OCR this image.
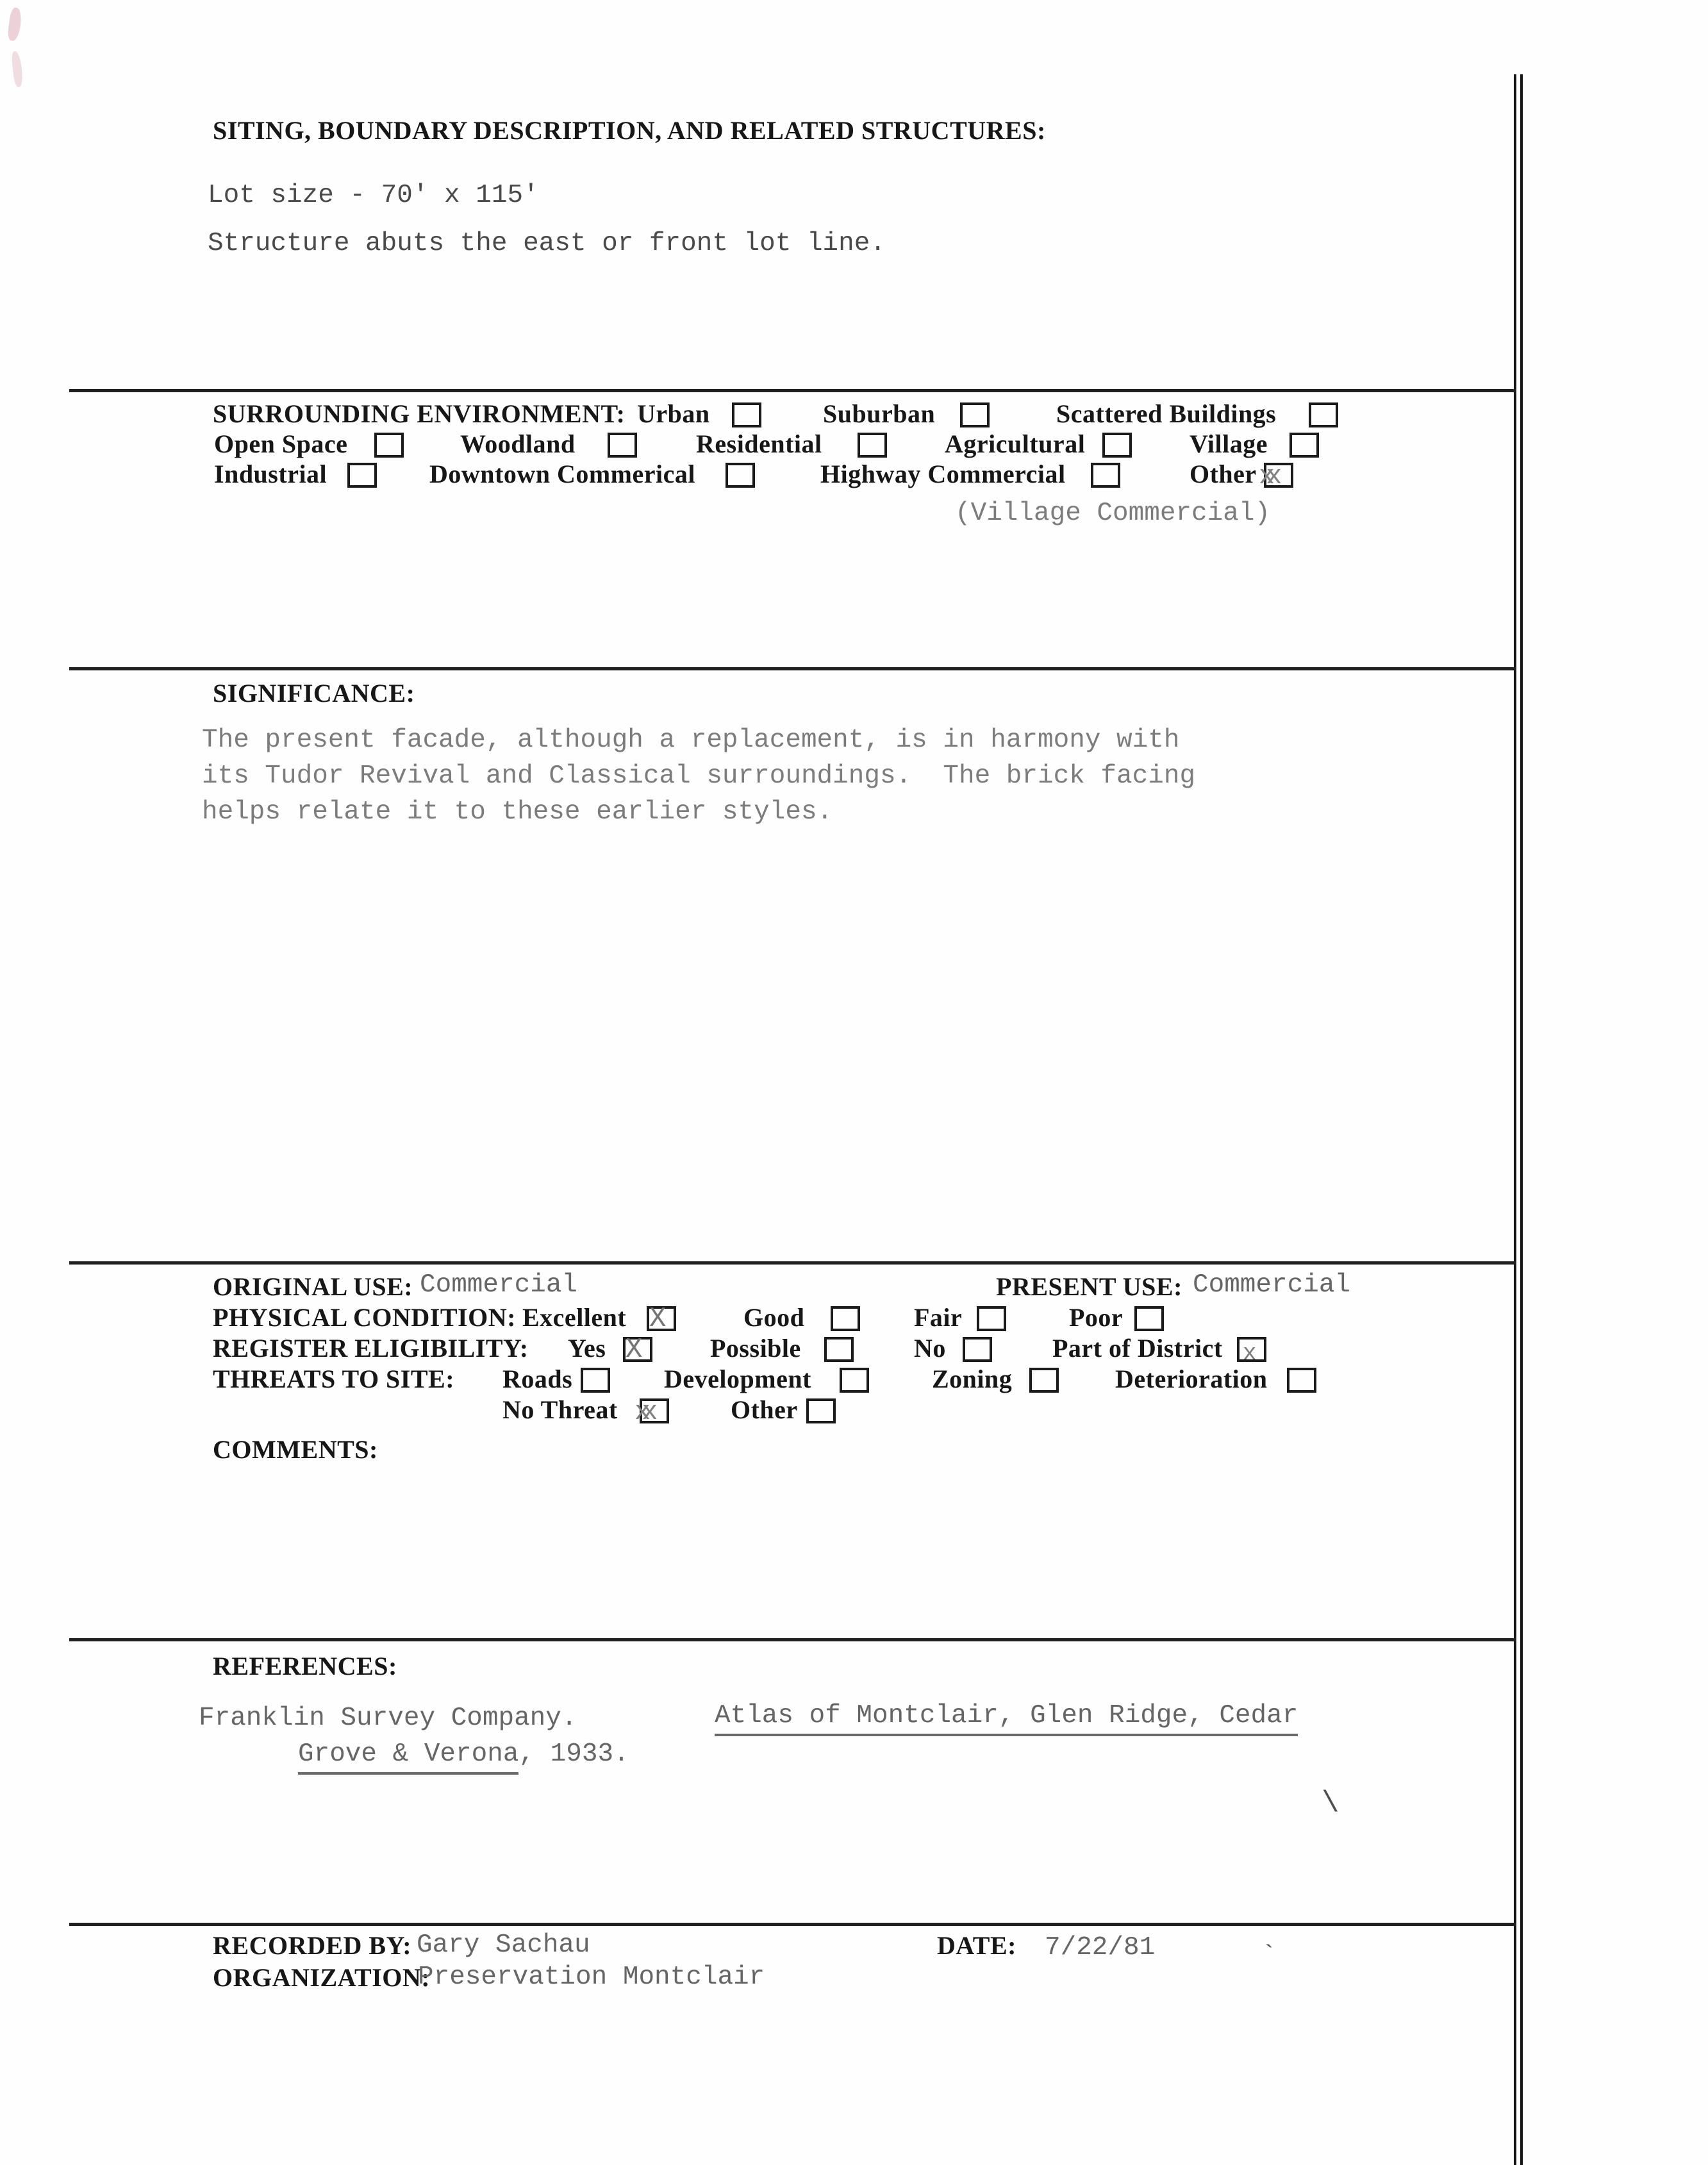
SITING, BOUNDARY DESCRIPTION, AND RELATED STRUCTURES:
Lot size - 70' x 115'
Structure abuts the east or front lot line.
SURROUNDING ENVIRONMENT: Urban	Suburban	Scattered Buildings
Open Space	Woodland	Residential	Agricultural	Village
Industrial	Downtown Commerical	Highway Commercial	Other xx
(Village Commercial)
SIGNIFICANCE:
The present facade, although a replacement, is in harmony with
its Tudor Revival and Classical surroundings.  The brick facing
helps relate it to these earlier styles.
ORIGINAL USE: Commercial	PRESENT USE: Commercial
PHYSICAL CONDITION: Excellent X	Good	Fair	Poor
REGISTER ELIGIBILITY: Yes X	Possible	No	Part of District x
THREATS TO SITE: Roads	Development	Zoning	Deterioration
No Threat xx	Other
COMMENTS:
REFERENCES:
Franklin Survey Company.	Atlas of Montclair, Glen Ridge, Cedar
Grove & Verona, 1933.
\
RECORDED BY: Gary Sachau	DATE: 7/22/81	`
ORGANIZATION:
Preservation Montclair
